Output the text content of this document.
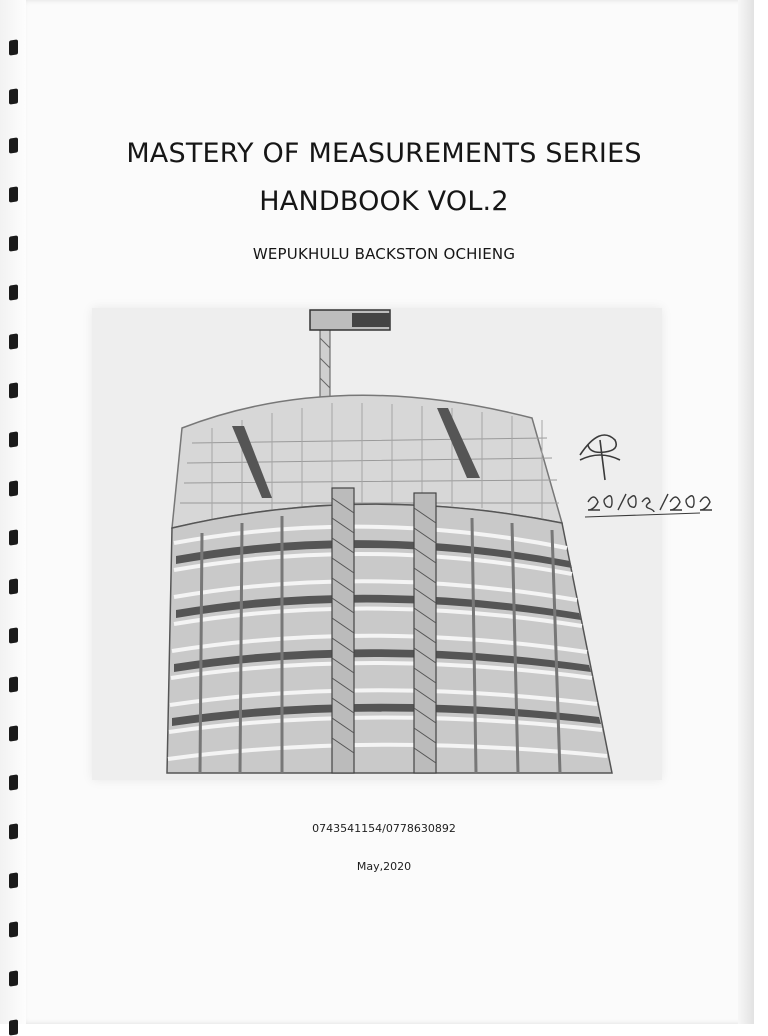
MASTERY OF MEASUREMENTS SERIES
HANDBOOK VOL.2
WEPUKHULU BACKSTON OCHIENG
0743541154/0778630892
May,2020
